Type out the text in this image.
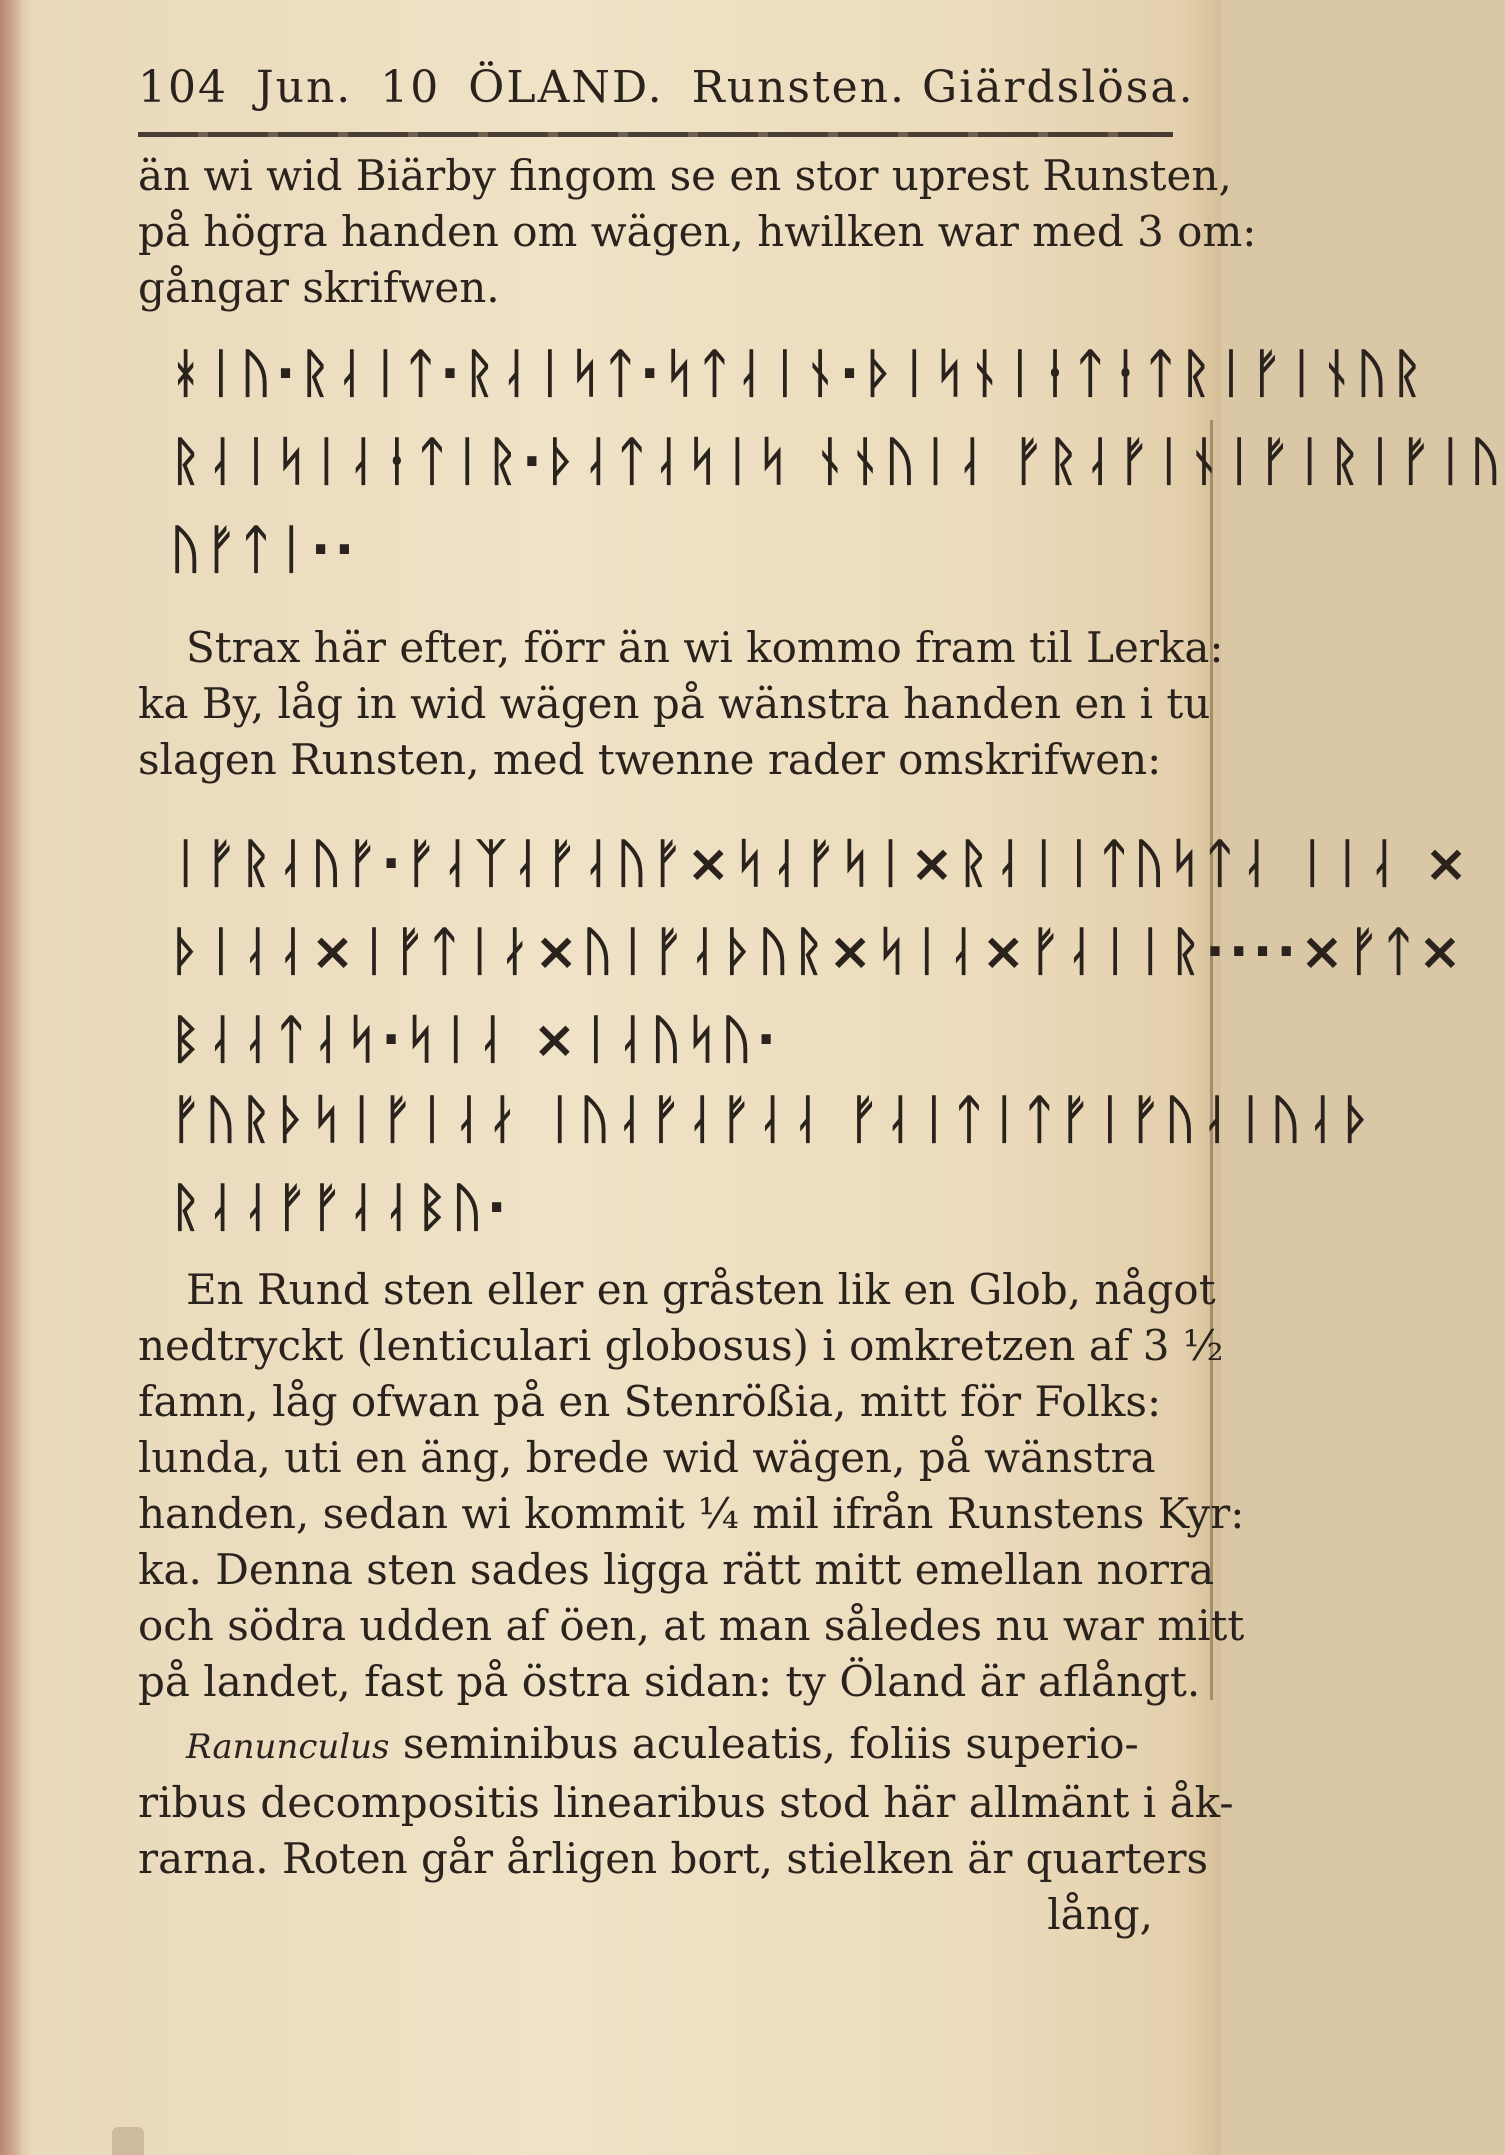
104 Jun. 10 ÖLAND. Runsten. Giärdslösa.
än wi wid Biärby fingom se en stor uprest Runsten,
på högra handen om wägen, hwilken war med 3 om:
gångar skrifwen.
ᚼᛁᚢ·ᚱᛆᛁᛏ·ᚱᛆᛁᛋᛏ·ᛋᛏᛆᛁᚾ·ᚦᛁᛋᚾᛁᛂᛏᛂᛏᚱᛁᚠᛁᚾᚢᚱ
ᚱᛆᛁᛋᛁᛆᛂᛏᛁᚱ·ᚦᛆᛏᛆᛋᛁᛋ ᚾᚾᚢᛁᛆ ᚠᚱᛆᚠᛁᚾᛁᚠᛁᚱᛁᚠᛁᚢ
ᚢᚠᛏᛁ··
Strax här efter, förr än wi kommo fram til Lerka:
ka By, låg in wid wägen på wänstra handen en i tu
slagen Runsten, med twenne rader omskrifwen:
ᛁᚠᚱᛆᚢᚠ·ᚠᛆᛉᛆᚠᛆᚢᚠ×ᛋᛆᚠᛋᛁ×ᚱᛆᛁᛁᛏᚢᛋᛏᛆ ᛁᛁᛆ ×
ᚦᛁᛆᛆ×ᛁᚠᛏᛁᛅ×ᚢᛁᚠᛆᚦᚢᚱ×ᛋᛁᛆ×ᚠᛆᛁᛁᚱ····×ᚠᛏ×
ᛒᛆᛆᛏᛆᛋ·ᛋᛁᛆ ×ᛁᛆᚢᛋᚢ·
ᚠᚢᚱᚦᛋᛁᚠᛁᛆᛅ ᛁᚢᛆᚠᛆᚠᛆᛆ ᚠᛆᛁᛏᛁᛏᚠᛁᚠᚢᛆᛁᚢᛆᚦ
ᚱᛆᛆᚠᚠᛆᛆᛒᚢ·
En Rund sten eller en gråsten lik en Glob, något
nedtryckt (lenticulari globosus) i omkretzen af 3 ½
famn, låg ofwan på en Stenrößia, mitt för Folks:
lunda, uti en äng, brede wid wägen, på wänstra
handen, sedan wi kommit ¼ mil ifrån Runstens Kyr:
ka. Denna sten sades ligga rätt mitt emellan norra
och södra udden af öen, at man således nu war mitt
på landet, fast på östra sidan: ty Öland är aflångt.
Ranunculus seminibus aculeatis, foliis superio-
ribus decompositis linearibus stod här allmänt i åk-
rarna. Roten går årligen bort, stielken är quarters
lång,
